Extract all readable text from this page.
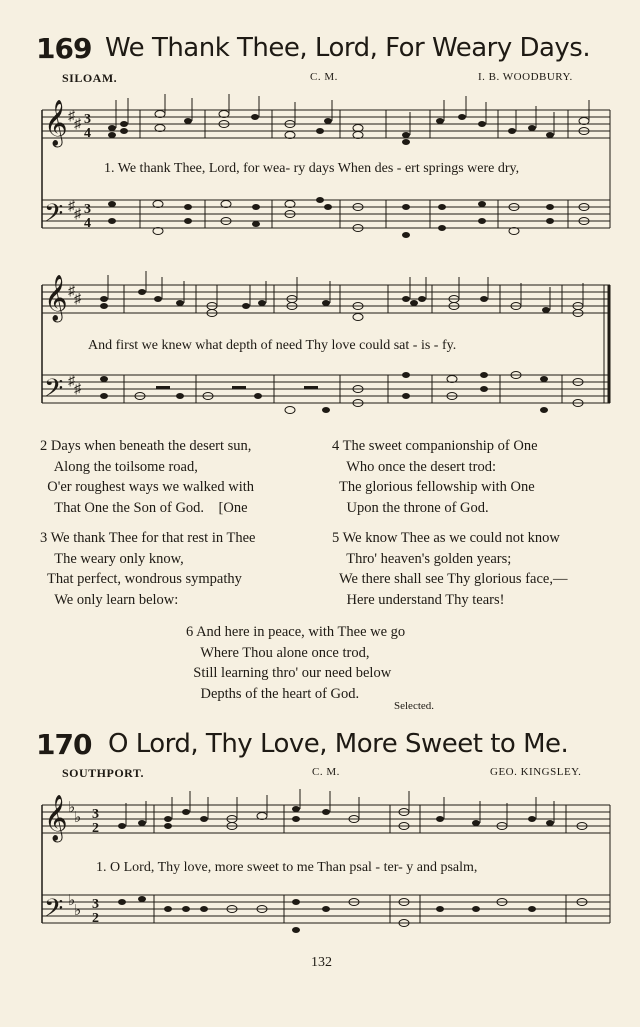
169 We Thank Thee, Lord, For Weary Days.
SILOAM.	C. M.	I. B. WOODBURY.
𝄞
𝄢
♯
♯
♯
♯
3
4
3
4
1. We thank Thee, Lord, for wea- ry days When des - ert springs were dry,
𝄞
𝄢
♯
♯
♯
♯
And first we knew what depth of need Thy love could sat - is - fy.
2 Days when beneath the desert sun,
Along the toilsome road,
O'er roughest ways we walked with
That One the Son of God.    [One
4 The sweet companionship of One
Who once the desert trod:
The glorious fellowship with One
Upon the throne of God.
3 We thank Thee for that rest in Thee
The weary only know,
That perfect, wondrous sympathy
We only learn below:
5 We know Thee as we could not know
Thro' heaven's golden years;
We there shall see Thy glorious face,—
Here understand Thy tears!
6 And here in peace, with Thee we go
Where Thou alone once trod,
Still learning thro' our need below
Depths of the heart of God.
Selected.
170 O Lord, Thy Love, More Sweet to Me.
SOUTHPORT.	C. M.	GEO. KINGSLEY.
𝄞
𝄢
♭
♭
♭
♭
3
2
3
2
1. O Lord, Thy love, more sweet to me Than psal - ter- y and psalm,
132
